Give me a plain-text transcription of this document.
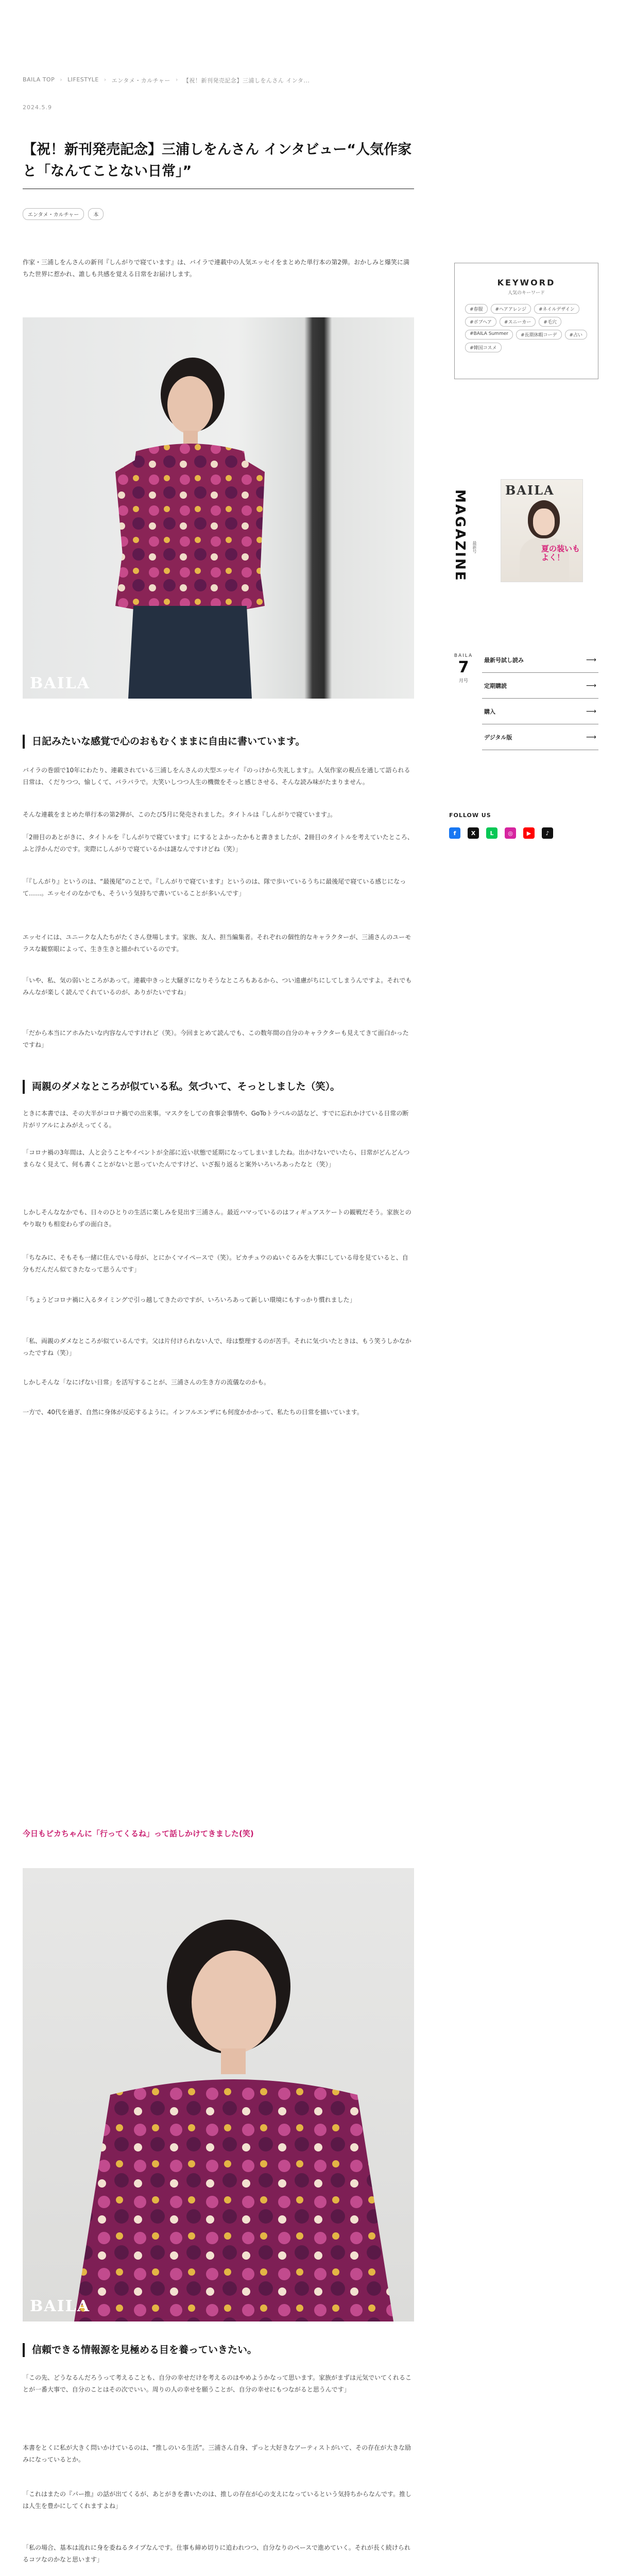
BAILA TOP › LIFESTYLE › エンタメ・カルチャー › 【祝！新刊発売記念】三浦しをんさん インタ...
2024.5.9
【祝！新刊発売記念】三浦しをんさん インタビュー“人気作家と「なんてことない日常」”
エンタメ・カルチャー	本

作家・三浦しをんさんの新刊『しんがりで寝ています』は、バイラで連載中の人気エッセイをまとめた単行本の第2弾。おかしみと爆笑に満ちた世界に惹かれ、誰しも共感を覚える日常をお届けします。

BAILA
日記みたいな感覚で心のおもむくままに自由に書いています。

バイラの巻頭で10年にわたり、連載されている三浦しをんさんの大型エッセイ『のっけから失礼します』。人気作家の視点を通して語られる日常は、くだりつつ、愉しくて、バラバラで。大笑いしつつ人生の機微をそっと感じさせる、そんな読み味がたまりません。

そんな連載をまとめた単行本の第2弾が、このたび5月に発売されました。タイトルは『しんがりで寝ています』。

「2冊目のあとがきに、タイトルを『しんがりで寝ています』にするとよかったかもと書きましたが、2冊目のタイトルを考えていたところ、ふと浮かんだのです。実際にしんがりで寝ているかは謎なんですけどね（笑）」

「『しんがり』というのは、“最後尾”のことで。『しんがりで寝ています』というのは、隊で歩いているうちに最後尾で寝ている感じになって……。エッセイのなかでも、そういう気持ちで書いていることが多いんです」

エッセイには、ユニークな人たちがたくさん登場します。家族、友人、担当編集者。それぞれの個性的なキャラクターが、三浦さんのユーモラスな観察眼によって、生き生きと描かれているのです。

「いや、私、気の弱いところがあって。連載中きっと大騒ぎになりそうなところもあるから、つい遠慮がちにしてしまうんですよ。それでもみんなが楽しく読んでくれているのが、ありがたいですね」

「だから本当にアホみたいな内容なんですけれど（笑）。今回まとめて読んでも、この数年間の自分のキャラクターも見えてきて面白かったですね」

両親のダメなところが似ている私。気づいて、そっとしました（笑）。

ときに本書では、その大半がコロナ禍での出来事。マスクをしての食事会事情や、GoToトラベルの話など、すでに忘れかけている日常の断片がリアルによみがえってくる。

「コロナ禍の3年間は、人と会うことやイベントが全部に近い状態で延期になってしまいましたね。出かけないでいたら、日常がどんどんつまらなく見えて、何も書くことがないと思っていたんですけど、いざ振り返ると案外いろいろあったなと（笑）」

しかしそんななかでも、日々のひとりの生活に楽しみを見出す三浦さん。最近ハマっているのはフィギュアスケートの観戦だそう。家族とのやり取りも相変わらずの面白さ。

「ちなみに、そもそも一緒に住んでいる母が、とにかくマイペースで（笑）。ピカチュウのぬいぐるみを大事にしている母を見ていると、自分もだんだん似てきたなって思うんです」

「ちょうどコロナ禍に入るタイミングで引っ越してきたのですが、いろいろあって新しい環境にもすっかり慣れました」

「私、両親のダメなところが似ているんです。父は片付けられない人で、母は整理するのが苦手。それに気づいたときは、もう笑うしかなかったですね（笑）」

しかしそんな「なにげない日常」を活写することが、三浦さんの生き方の流儀なのかも。

一方で、40代を過ぎ、自然に身体が反応するように。インフルエンザにも何度かかかって、私たちの日常を描いています。

今日もピカちゃんに「行ってくるね」って話しかけてきました(笑)
BAILA
信頼できる情報源を見極める目を養っていきたい。

「この先、どうなるんだろうって考えることも、自分の幸せだけを考えるのはやめようかなって思います。家族がまずは元気でいてくれることが一番大事で、自分のことはその次でいい。周りの人の幸せを願うことが、自分の幸せにもつながると思うんです」

本書をとくに私が大きく問いかけているのは、“推しのいる生活”。三浦さん自身、ずっと大好きなアーティストがいて、その存在が大きな励みになっているとか。

「これはまたの『パー推』の話が出てくるが、あとがきを書いたのは、推しの存在が心の支えになっているという気持ちからなんです。推しは人生を豊かにしてくれますよね」

「私の場合、基本は流れに身を委ねるタイプなんです。仕事も締め切りに追われつつ、自分なりのペースで進めていく。それが長く続けられるコツなのかなと思います」

KEYWORD
人気のキーワード
#春服	#ヘアアレンジ	#ネイルデザイン
#ボブヘア	#スニーカー	#毛穴
#BAILA Summer	#長期休暇コーデ	#占い
#韓国コスメ
MAGAZINE 最新号
BAILA
夏の装いも
よく！
BAILA
7
月号
最新号試し読み	⟶
定期購読	⟶
購入	⟶
デジタル版	⟶
FOLLOW US
f	X	L	◎	▶	♪
